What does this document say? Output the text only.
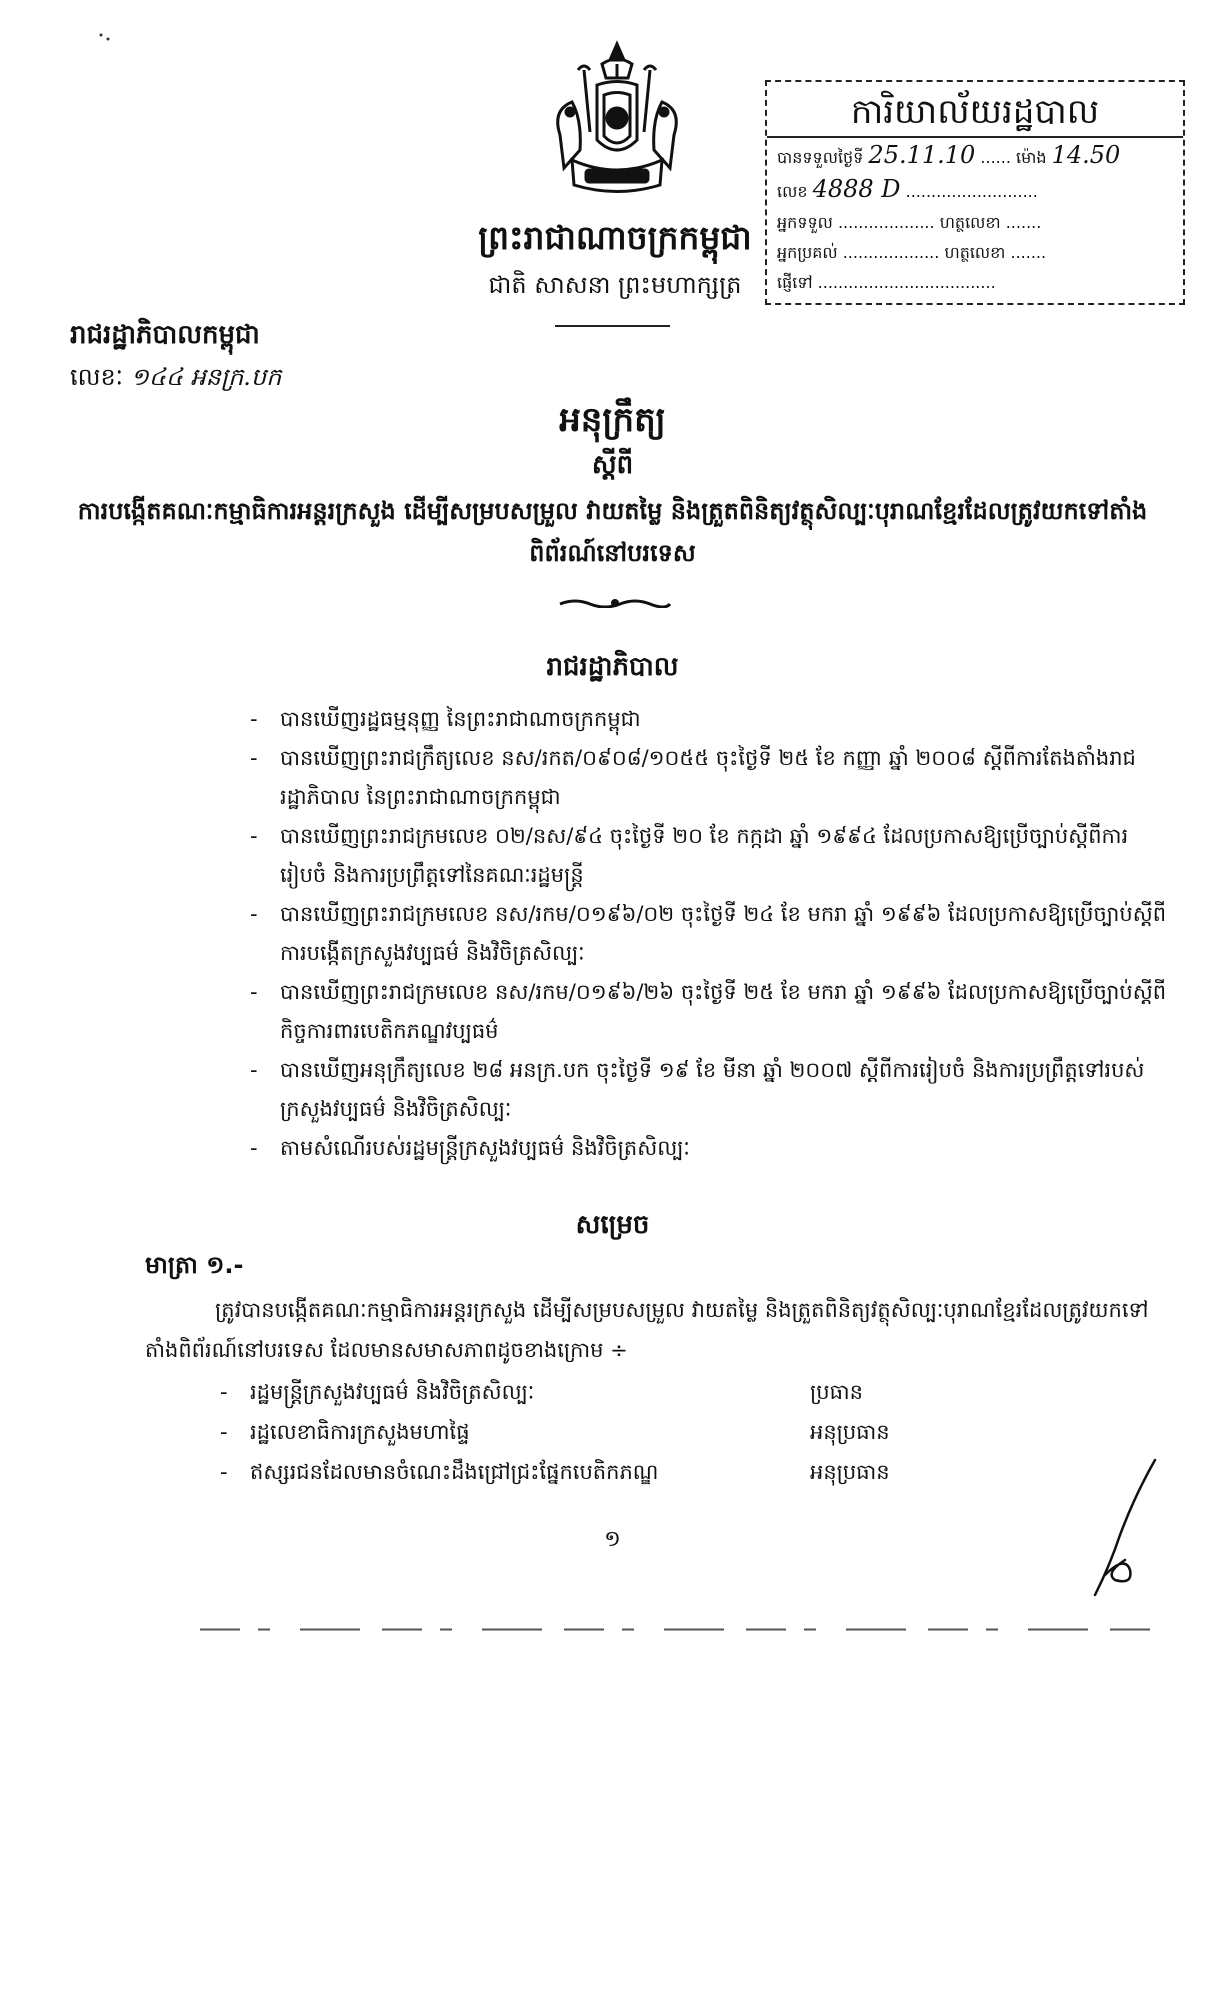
ការិយាល័យរដ្ឋបាល
បានទទួលថ្ងៃទី 25.11.10 ...... ម៉ោង 14.50
លេខ 4888 D ..........................
អ្នកទទួល ................... ហត្ថលេខា .......
អ្នកប្រគល់ ................... ហត្ថលេខា .......
ផ្ញើទៅ ...................................
ព្រះរាជាណាចក្រកម្ពុជា
ជាតិ សាសនា ព្រះមហាក្សត្រ
រាជរដ្ឋាភិបាលកម្ពុជា
លេខៈ ១៤៤ អនក្រ.បក
អនុក្រឹត្យ
ស្តីពី
ការបង្កើតគណៈកម្មាធិការអន្តរក្រសួង ដើម្បីសម្របសម្រួល វាយតម្លៃ និងត្រួតពិនិត្យវត្ថុសិល្បៈបុរាណខ្មែរដែលត្រូវយកទៅតាំងពិព័រណ៍នៅបរទេស
រាជរដ្ឋាភិបាល
- បានឃើញរដ្ឋធម្មនុញ្ញ នៃព្រះរាជាណាចក្រកម្ពុជា
- បានឃើញព្រះរាជក្រឹត្យលេខ នស/រកត/០៩០៨/១០៥៥ ចុះថ្ងៃទី ២៥ ខែ កញ្ញា ឆ្នាំ ២០០៨ ស្តីពីការតែងតាំងរាជរដ្ឋាភិបាល នៃព្រះរាជាណាចក្រកម្ពុជា
- បានឃើញព្រះរាជក្រមលេខ ០២/នស/៩៤ ចុះថ្ងៃទី ២០ ខែ កក្កដា ឆ្នាំ ១៩៩៤ ដែលប្រកាសឱ្យប្រើច្បាប់ស្តីពីការរៀបចំ និងការប្រព្រឹត្តទៅនៃគណៈរដ្ឋមន្ត្រី
- បានឃើញព្រះរាជក្រមលេខ នស/រកម/០១៩៦/០២ ចុះថ្ងៃទី ២៤ ខែ មករា ឆ្នាំ ១៩៩៦ ដែលប្រកាសឱ្យប្រើច្បាប់ស្តីពីការបង្កើតក្រសួងវប្បធម៌ និងវិចិត្រសិល្បៈ
- បានឃើញព្រះរាជក្រមលេខ នស/រកម/០១៩៦/២៦ ចុះថ្ងៃទី ២៥ ខែ មករា ឆ្នាំ ១៩៩៦ ដែលប្រកាសឱ្យប្រើច្បាប់ស្តីពីកិច្ចការពារបេតិកភណ្ឌវប្បធម៌
- បានឃើញអនុក្រឹត្យលេខ ២៨ អនក្រ.បក ចុះថ្ងៃទី ១៩ ខែ មីនា ឆ្នាំ ២០០៧ ស្តីពីការរៀបចំ និងការប្រព្រឹត្តទៅរបស់ក្រសួងវប្បធម៌ និងវិចិត្រសិល្បៈ
- តាមសំណើរបស់រដ្ឋមន្ត្រីក្រសួងវប្បធម៌ និងវិចិត្រសិល្បៈ
សម្រេច
មាត្រា ១.-
ត្រូវបានបង្កើតគណៈកម្មាធិការអន្តរក្រសួង ដើម្បីសម្របសម្រួល វាយតម្លៃ និងត្រួតពិនិត្យវត្ថុសិល្បៈបុរាណខ្មែរដែលត្រូវយកទៅតាំងពិព័រណ៍នៅបរទេស ដែលមានសមាសភាពដូចខាងក្រោម ÷
- រដ្ឋមន្ត្រីក្រសួងវប្បធម៌ និងវិចិត្រសិល្បៈ	ប្រធាន
- រដ្ឋលេខាធិការក្រសួងមហាផ្ទៃ	អនុប្រធាន
- ឥស្សរជនដែលមានចំណេះដឹងជ្រៅជ្រះផ្នែកបេតិកភណ្ឌ	អនុប្រធាន
១
